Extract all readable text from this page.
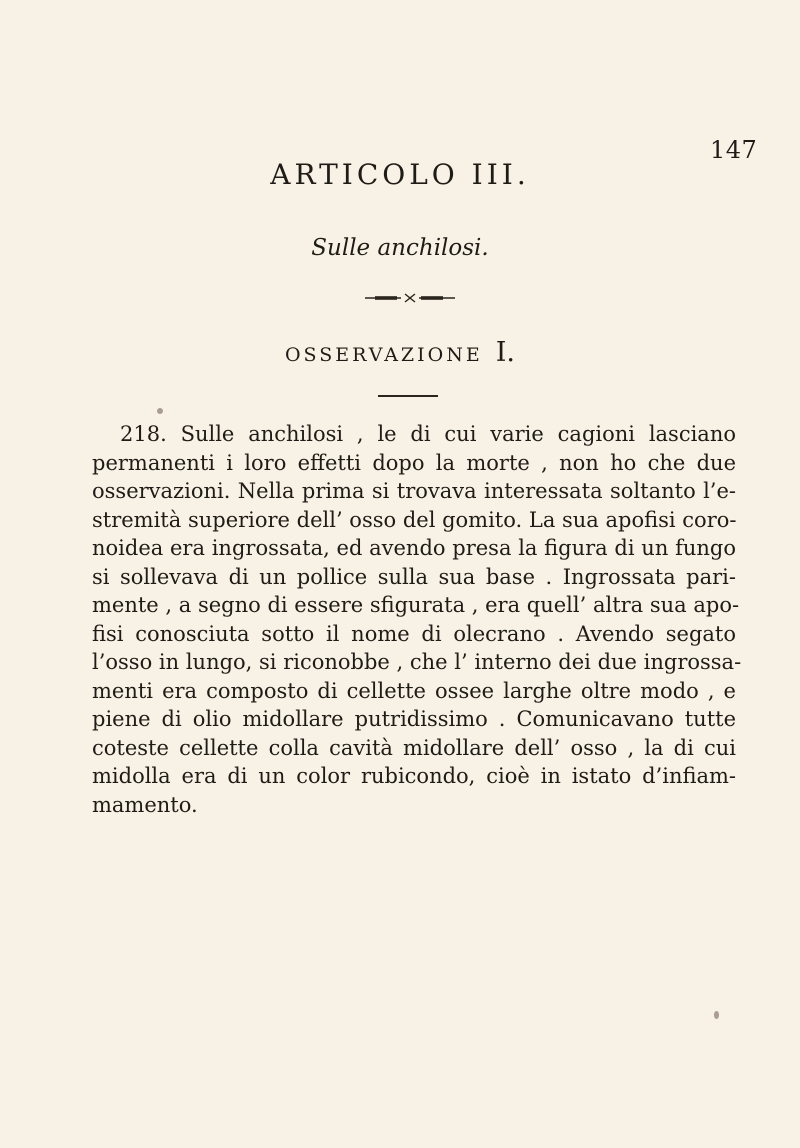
147
ARTICOLO III.
Sulle anchilosi.
OSSERVAZIONE I.
218. Sulle anchilosi , le di cui varie cagioni lasciano
permanenti i loro effetti dopo la morte , non ho che due
osservazioni. Nella prima si trovava interessata soltanto l’e-
stremità superiore dell’ osso del gomito. La sua apofisi coro-
noidea era ingrossata, ed avendo presa la figura di un fungo
si sollevava di un pollice sulla sua base . Ingrossata pari-
mente , a segno di essere sfigurata , era quell’ altra sua apo-
fisi conosciuta sotto il nome di olecrano . Avendo segato
l’osso in lungo, si riconobbe , che l’ interno dei due ingrossa-
menti era composto di cellette ossee larghe oltre modo , e
piene di olio midollare putridissimo . Comunicavano tutte
coteste cellette colla cavità midollare dell’ osso , la di cui
midolla era di un color rubicondo, cioè in istato d’infiam-
mamento.
